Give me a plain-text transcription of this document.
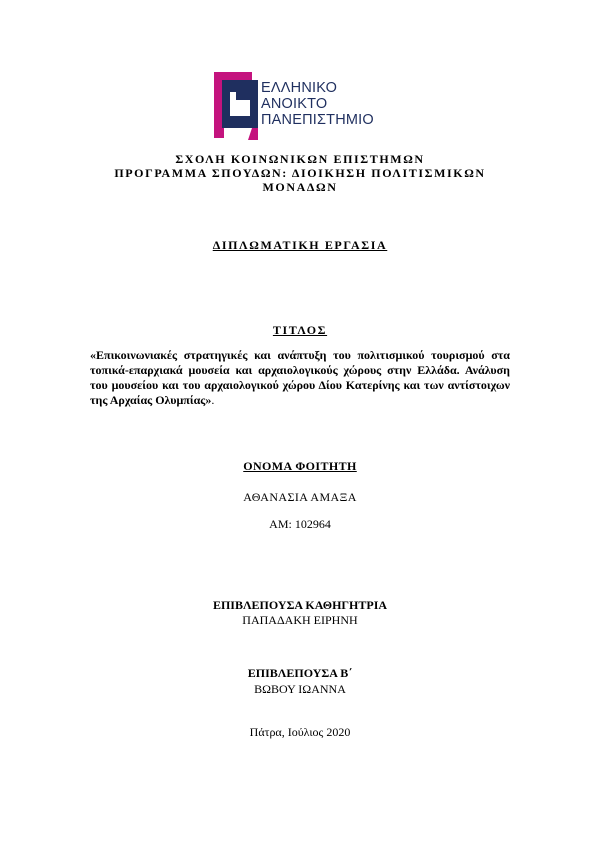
ΕΛΛΗΝΙΚΟ
ΑΝΟΙΚΤΟ
ΠΑΝΕΠΙΣΤΗΜΙΟ
ΣΧΟΛΗ ΚΟΙΝΩΝΙΚΩΝ ΕΠΙΣΤΗΜΩΝ
ΠΡΟΓΡΑΜΜΑ ΣΠΟΥΔΩΝ: ΔΙΟΙΚΗΣΗ ΠΟΛΙΤΙΣΜΙΚΩΝ
ΜΟΝΑΔΩΝ
ΔΙΠΛΩΜΑΤΙΚΗ ΕΡΓΑΣΙΑ
ΤΙΤΛΟΣ
«Επικοινωνιακές στρατηγικές και ανάπτυξη του πολιτισμικού τουρισμού στα τοπικά-επαρχιακά μουσεία και αρχαιολογικούς χώρους στην Ελλάδα. Ανάλυση του μουσείου και του αρχαιολογικού χώρου Δίου Κατερίνης και των αντίστοιχων της Αρχαίας Ολυμπίας».
ΟΝΟΜΑ ΦΟΙΤΗΤΗ
ΑΘΑΝΑΣΙΑ ΑΜΑΞΑ
ΑΜ: 102964
ΕΠΙΒΛΕΠΟΥΣΑ ΚΑΘΗΓΗΤΡΙΑ
ΠΑΠΑΔΑΚΗ ΕΙΡΗΝΗ
ΕΠΙΒΛΕΠΟΥΣΑ Β΄
ΒΩΒΟΥ ΙΩΑΝΝΑ
Πάτρα, Ιούλιος 2020
